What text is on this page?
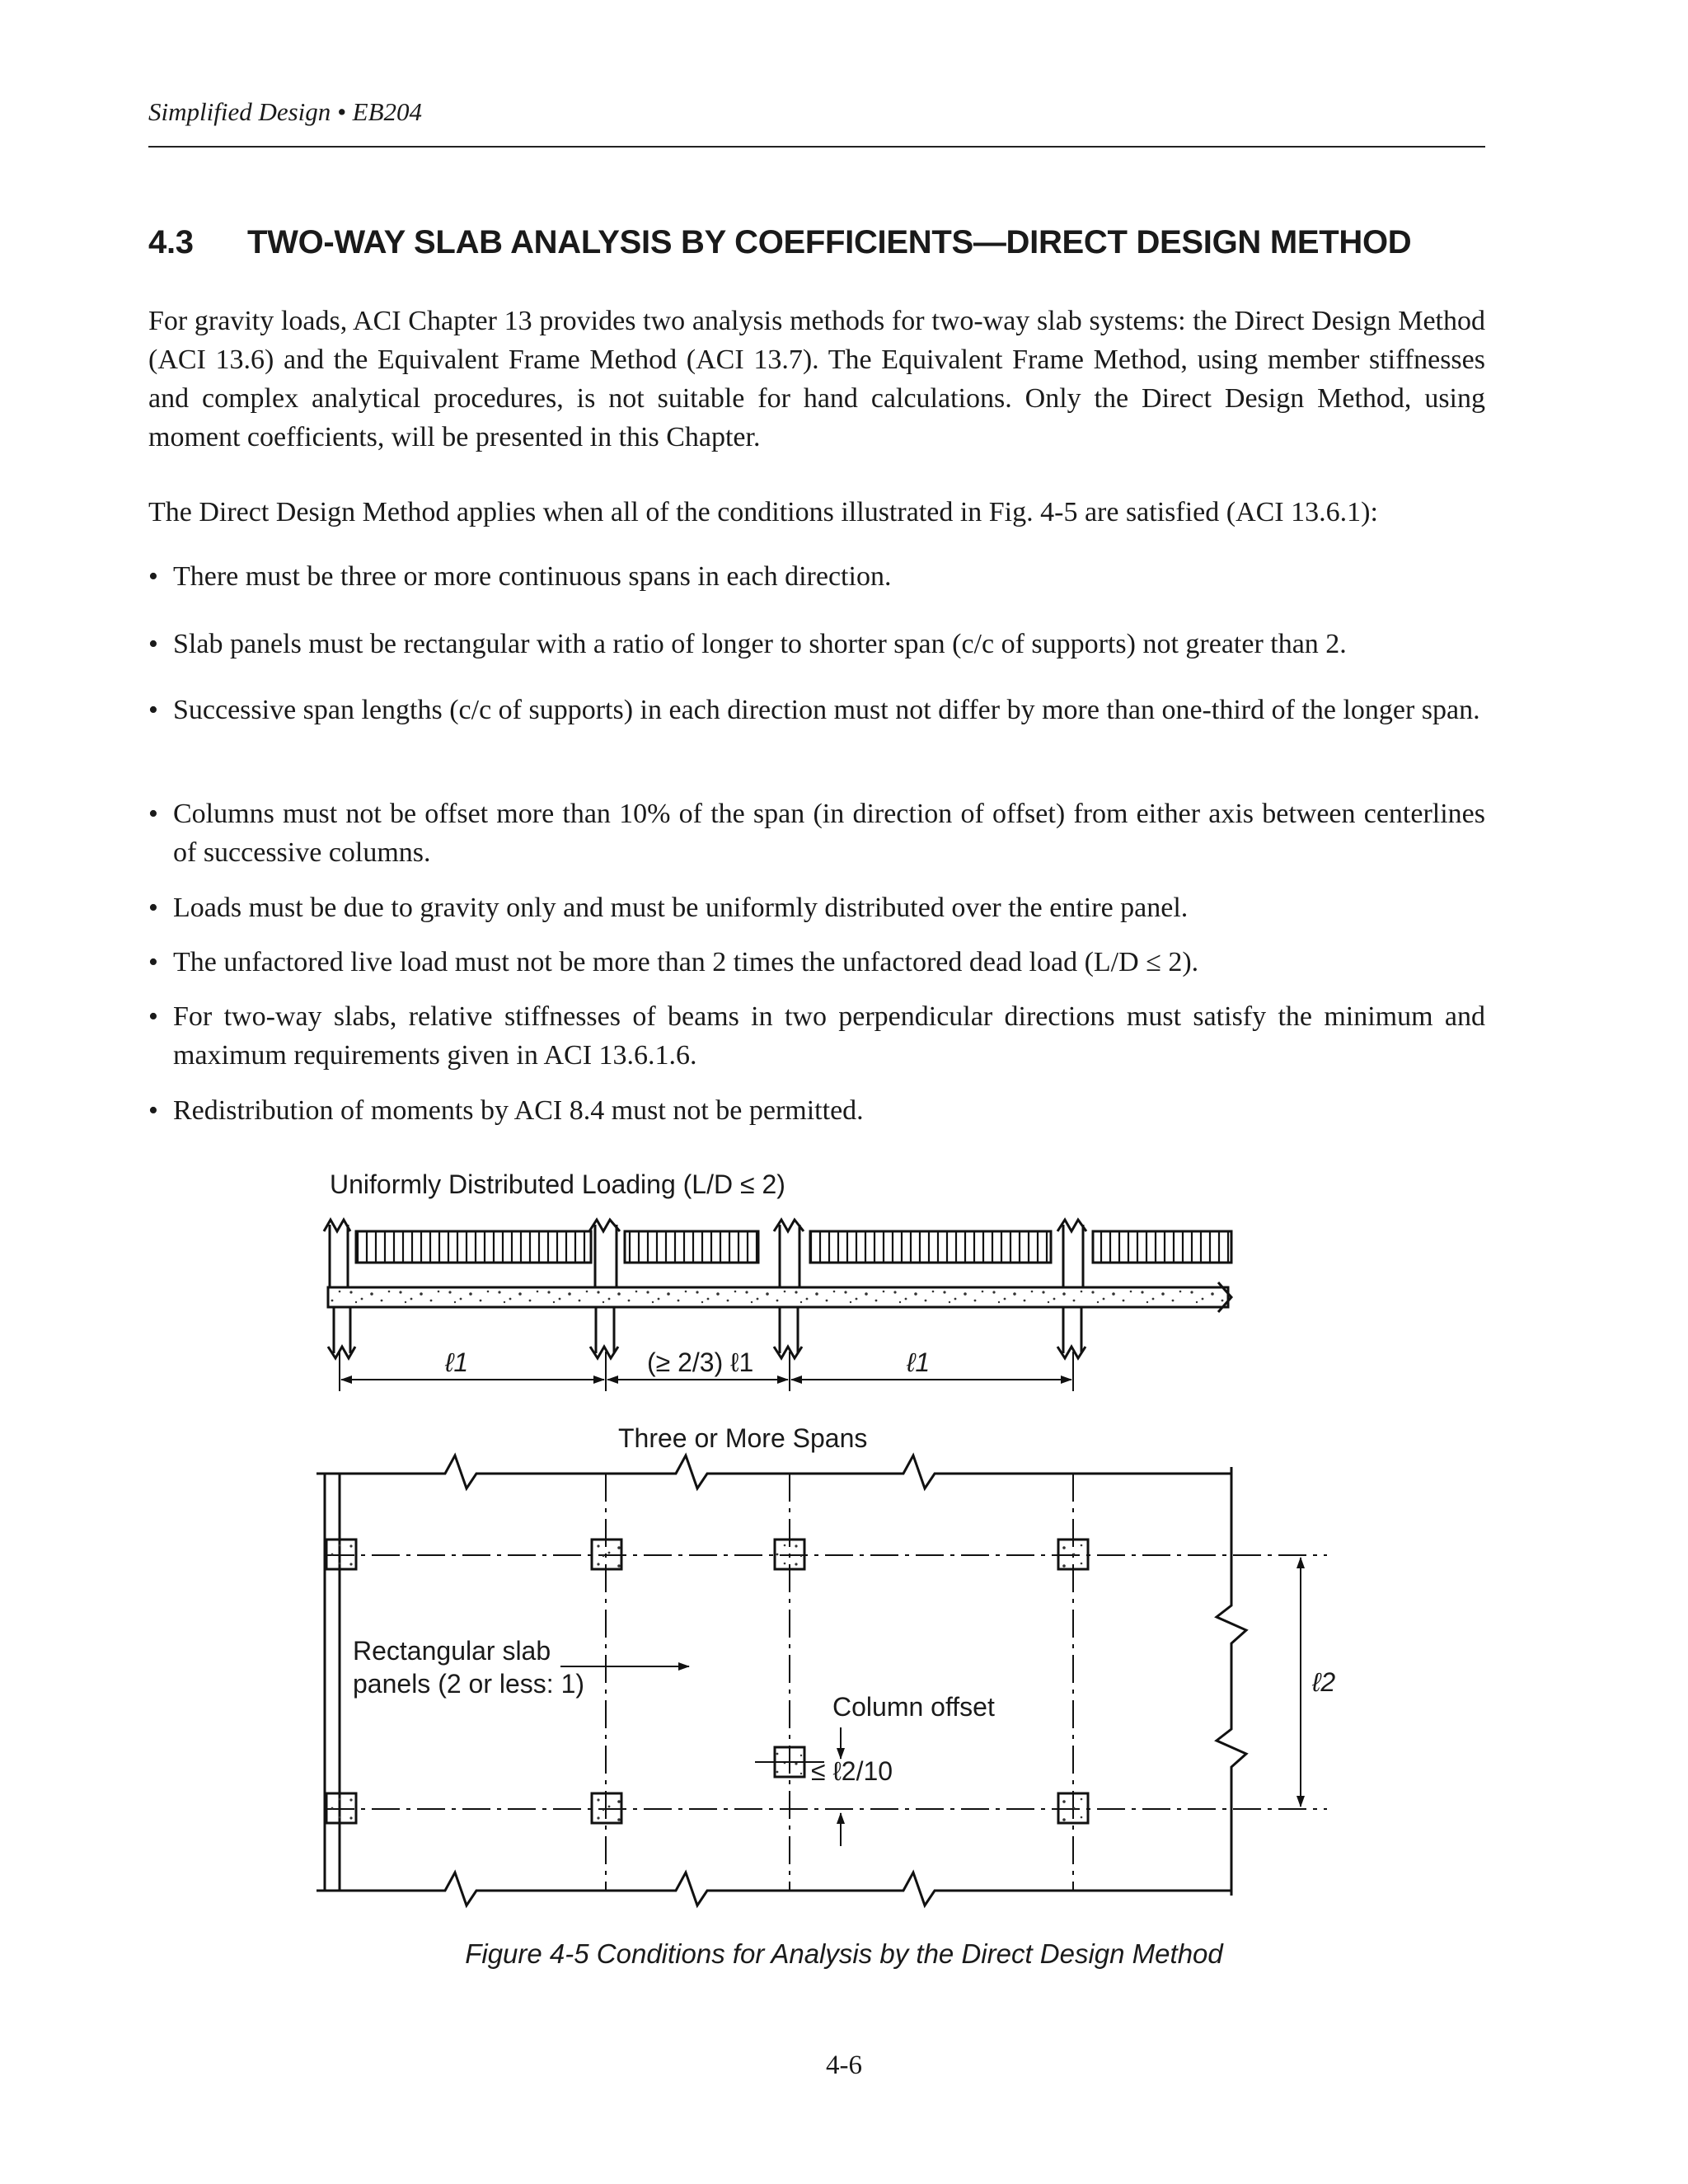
Simplified Design • EB204
4.3 TWO-WAY SLAB ANALYSIS BY COEFFICIENTS—DIRECT DESIGN METHOD

For gravity loads, ACI Chapter 13 provides two analysis methods for two-way slab systems: the Direct Design Method (ACI 13.6) and the Equivalent Frame Method (ACI 13.7). The Equivalent Frame Method, using member stiffnesses and complex analytical procedures, is not suitable for hand calculations. Only the Direct Design Method, using moment coefficients, will be presented in this Chapter.

The Direct Design Method applies when all of the conditions illustrated in Fig. 4-5 are satisfied (ACI 13.6.1):

• There must be three or more continuous spans in each direction.
• Slab panels must be rectangular with a ratio of longer to shorter span (c/c of supports) not greater than 2.
• Successive span lengths (c/c of supports) in each direction must not differ by more than one-third of the longer span.
• Columns must not be offset more than 10% of the span (in direction of offset) from either axis between centerlines of successive columns.
• Loads must be due to gravity only and must be uniformly distributed over the entire panel.
• The unfactored live load must not be more than 2 times the unfactored dead load (L/D ≤ 2).
• For two-way slabs, relative stiffnesses of beams in two perpendicular directions must satisfy the minimum and maximum requirements given in ACI 13.6.1.6.
• Redistribution of moments by ACI 8.4 must not be permitted.
Uniformly Distributed Loading (L/D ≤ 2)
ℓ1	(≥ 2/3) ℓ1	ℓ1
Three or More Spans
Rectangular slab
panels (2 or less: 1)
Column offset
≤ ℓ2/10
ℓ2
Figure 4-5 Conditions for Analysis by the Direct Design Method
4-6
